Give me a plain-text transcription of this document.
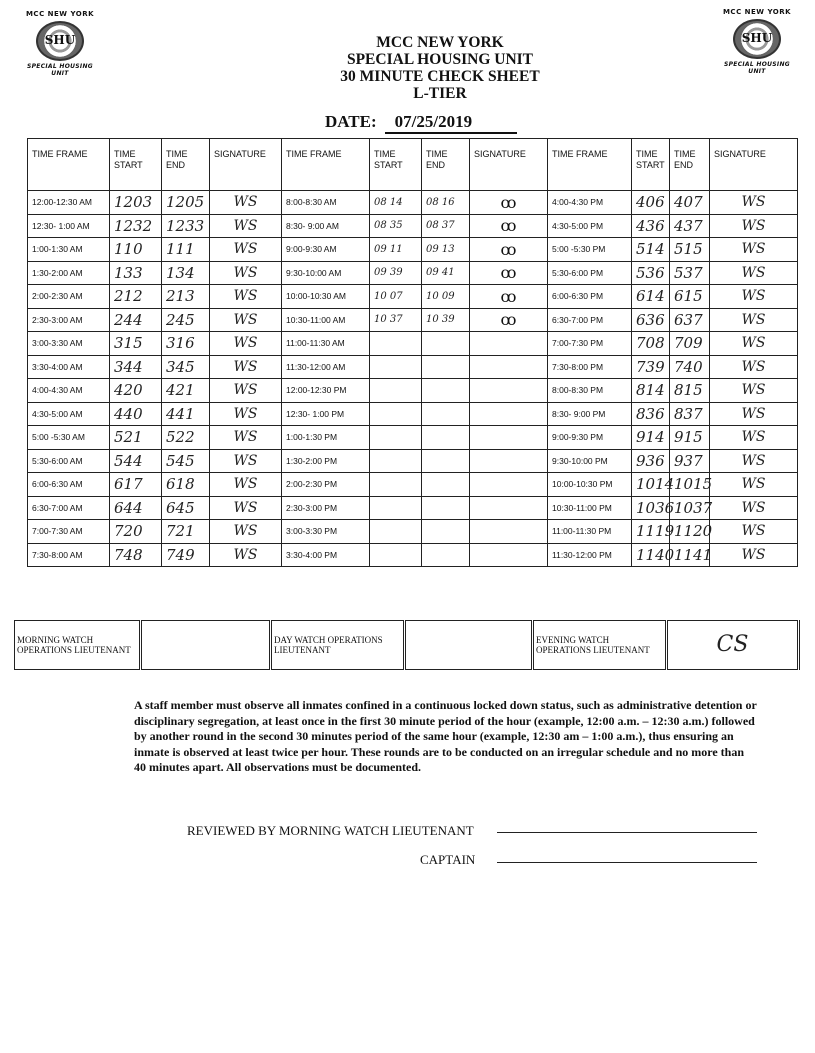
MCC NEW YORK
SHU
SPECIAL HOUSING UNIT
MCC NEW YORK
SHU
SPECIAL HOUSING UNIT
MCC NEW YORK
SPECIAL HOUSING UNIT
30 MINUTE CHECK SHEET
L-TIER
DATE: 07/25/2019
TIME FRAME	TIME START	TIME END	SIGNATURE	TIME FRAME	TIME START	TIME END	SIGNATURE	TIME FRAME	TIME START	TIME END	SIGNATURE
12:00-12:30 AM	1203	1205	WS	8:00-8:30 AM	08 14	08 16	ꝏ	4:00-4:30 PM	406	407	WS
12:30- 1:00 AM	1232	1233	WS	8:30- 9:00 AM	08 35	08 37	ꝏ	4:30-5:00 PM	436	437	WS
1:00-1:30 AM	110	111	WS	9:00-9:30 AM	09 11	09 13	ꝏ	5:00 -5:30 PM	514	515	WS
1:30-2:00 AM	133	134	WS	9:30-10:00 AM	09 39	09 41	ꝏ	5:30-6:00 PM	536	537	WS
2:00-2:30 AM	212	213	WS	10:00-10:30 AM	10 07	10 09	ꝏ	6:00-6:30 PM	614	615	WS
2:30-3:00 AM	244	245	WS	10:30-11:00 AM	10 37	10 39	ꝏ	6:30-7:00 PM	636	637	WS
3:00-3:30 AM	315	316	WS	11:00-11:30 AM				7:00-7:30 PM	708	709	WS
3:30-4:00 AM	344	345	WS	11:30-12:00 AM				7:30-8:00 PM	739	740	WS
4:00-4:30 AM	420	421	WS	12:00-12:30 PM				8:00-8:30 PM	814	815	WS
4:30-5:00 AM	440	441	WS	12:30- 1:00 PM				8:30- 9:00 PM	836	837	WS
5:00 -5:30 AM	521	522	WS	1:00-1:30 PM				9:00-9:30 PM	914	915	WS
5:30-6:00 AM	544	545	WS	1:30-2:00 PM				9:30-10:00 PM	936	937	WS
6:00-6:30 AM	617	618	WS	2:00-2:30 PM				10:00-10:30 PM	1014	1015	WS
6:30-7:00 AM	644	645	WS	2:30-3:00 PM				10:30-11:00 PM	1036	1037	WS
7:00-7:30 AM	720	721	WS	3:00-3:30 PM				11:00-11:30 PM	1119	1120	WS
7:30-8:00 AM	748	749	WS	3:30-4:00 PM				11:30-12:00 PM	1140	1141	WS
MORNING WATCH OPERATIONS LIEUTENANT		DAY WATCH OPERATIONS LIEUTENANT		EVENING WATCH OPERATIONS LIEUTENANT	CS
A staff member must observe all inmates confined in a continuous locked down status, such as administrative detention or disciplinary segregation, at least once in the first 30 minute period of the hour (example, 12:00 a.m. – 12:30 a.m.) followed by another round in the second 30 minutes period of the same hour (example, 12:30 am – 1:00 a.m.), thus ensuring an inmate is observed at least twice per hour. These rounds are to be conducted on an irregular schedule and no more than 40 minutes apart. All observations must be documented.
REVIEWED BY MORNING WATCH LIEUTENANT
CAPTAIN
